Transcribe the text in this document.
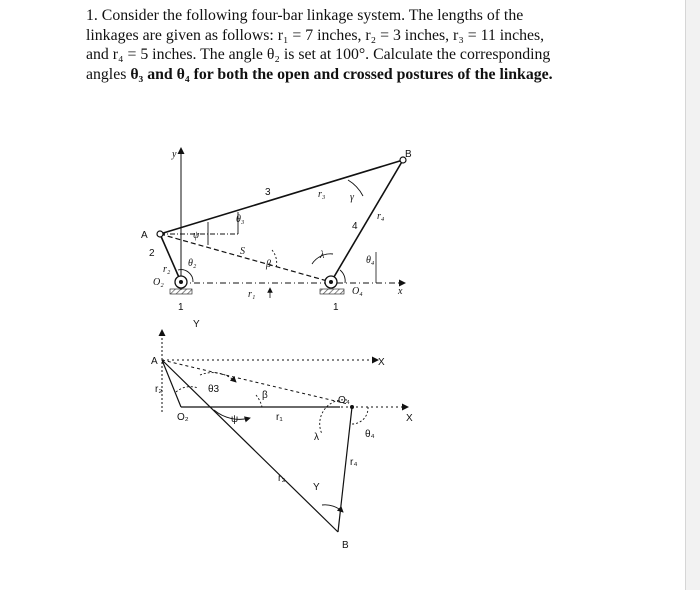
1. Consider the following four-bar linkage system. The lengths of the
linkages are given as follows: r₁ = 7 inches, r₂ = 3 inches, r₃ = 11 inches,
and r₄ = 5 inches. The angle θ₂ is set at 100°. Calculate the corresponding
angles θ₃ and θ₄ for both the open and crossed postures of the linkage.

y
x
A
B
2
3
4
1	1
O₂
O₄
r₁
r₂
r₃
r₄
θ₂
θ₃
θ₄
ψ
S
β
λ
γ
Y
X
X
A
r₂	θ3
β
O₂	ψ	r₁
O₄
θ₄
λ
r₄
r₃
Y
B
